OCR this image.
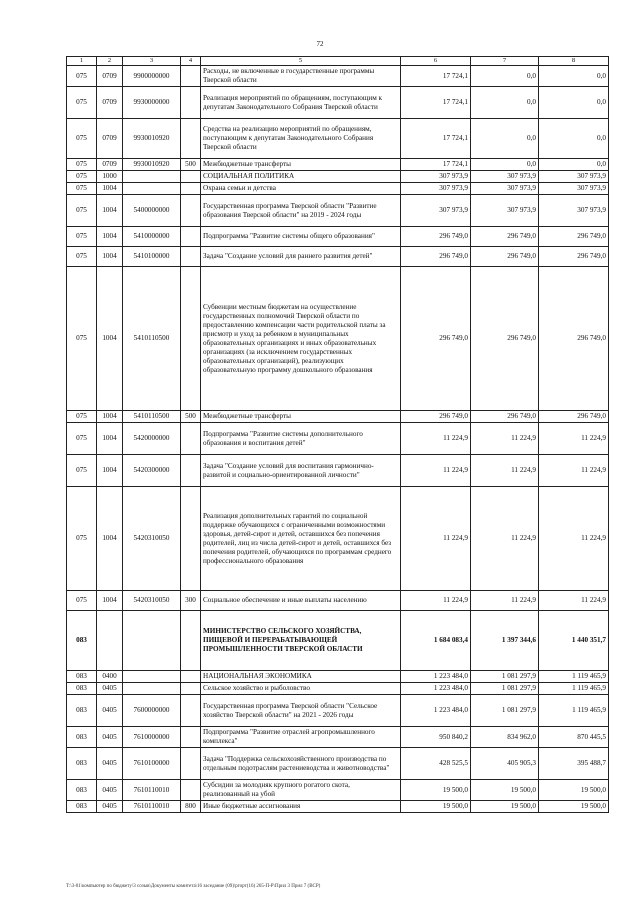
72
1	2	3	4	5	6	7	8
075	0709	9900000000		Расходы, не включенные в государственные программы Тверской области	17 724,1	0,0	0,0
075	0709	9930000000		Реализация мероприятий по обращениям, поступающим к депутатам Законодательного Собрания Тверской области	17 724,1	0,0	0,0
075	0709	9930010920		Средства на реализацию мероприятий по обращениям, поступающим к депутатам Законодательного Собрания Тверской области	17 724,1	0,0	0,0
075	0709	9930010920	500	Межбюджетные трансферты	17 724,1	0,0	0,0
075	1000			СОЦИАЛЬНАЯ ПОЛИТИКА	307 973,9	307 973,9	307 973,9
075	1004			Охрана семьи и детства	307 973,9	307 973,9	307 973,9
075	1004	5400000000		Государственная программа Тверской области "Развитие образования Тверской области" на 2019 - 2024 годы	307 973,9	307 973,9	307 973,9
075	1004	5410000000		Подпрограмма "Развитие системы общего образования"	296 749,0	296 749,0	296 749,0
075	1004	5410100000		Задача "Создание условий для раннего развития детей"	296 749,0	296 749,0	296 749,0
075	1004	5410110500		Субвенции местным бюджетам на осуществление государственных полномочий Тверской области по предоставлению компенсации части родительской платы за присмотр и уход за ребенком в муниципальных образовательных организациях и иных образовательных организациях (за исключением государственных образовательных организаций), реализующих образовательную программу дошкольного образования	296 749,0	296 749,0	296 749,0
075	1004	5410110500	500	Межбюджетные трансферты	296 749,0	296 749,0	296 749,0
075	1004	5420000000		Подпрограмма "Развитие системы дополнительного образования и воспитания детей"	11 224,9	11 224,9	11 224,9
075	1004	5420300000		Задача "Создание условий для воспитания гармонично-развитой и социально-ориентированной личности"	11 224,9	11 224,9	11 224,9
075	1004	5420310050		Реализация дополнительных гарантий по социальной поддержке обучающихся с ограниченными возможностями здоровья, детей-сирот и детей, оставшихся без попечения родителей, лиц из числа детей-сирот и детей, оставшихся без попечения родителей, обучающихся по программам среднего профессионального образования	11 224,9	11 224,9	11 224,9
075	1004	5420310050	300	Социальное обеспечение и иные выплаты населению	11 224,9	11 224,9	11 224,9
083				МИНИСТЕРСТВО СЕЛЬСКОГО ХОЗЯЙСТВА, ПИЩЕВОЙ И ПЕРЕРАБАТЫВАЮЩЕЙ ПРОМЫШЛЕННОСТИ ТВЕРСКОЙ ОБЛАСТИ	1 684 083,4	1 397 344,6	1 440 351,7
083	0400			НАЦИОНАЛЬНАЯ ЭКОНОМИКА	1 223 484,0	1 081 297,9	1 119 465,9
083	0405			Сельское хозяйство и рыболовство	1 223 484,0	1 081 297,9	1 119 465,9
083	0405	7600000000		Государственная программа Тверской области "Сельское хозяйство Тверской области" на 2021 - 2026 годы	1 223 484,0	1 081 297,9	1 119 465,9
083	0405	7610000000		Подпрограмма "Развитие отраслей агропромышленного комплекса"	950 840,2	834 962,0	870 445,5
083	0405	7610100000		Задача "Поддержка сельскохозяйственного производства по отдельным подотраслям растениеводства и животноводства"	428 525,5	405 905,3	395 488,7
083	0405	7610110010		Субсидии за молодняк крупного рогатого скота, реализованный на убой	19 500,0	19 500,0	19 500,0
083	0405	7610110010	800	Иные бюджетные ассигнования	19 500,0	19 500,0	19 500,0
T:\3-01\компьютер по бюджету\3 созыв\Документы комитета\16 заседание (09)\ргорт(16) 265-П-Р\Прил 3 Прил 7 (ВСР)
